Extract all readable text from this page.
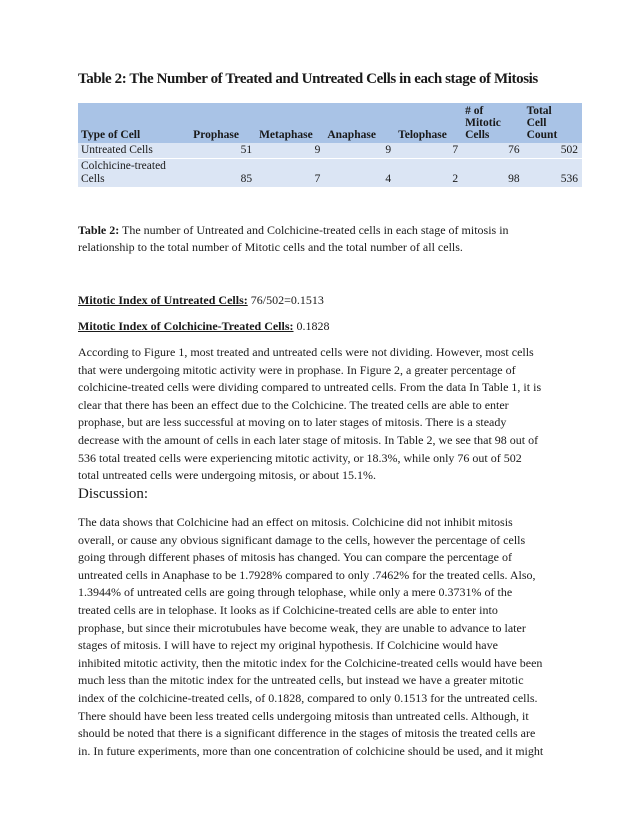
Table 2: The Number of Treated and Untreated Cells in each stage of Mitosis
Type of Cell	Prophase	Metaphase	Anaphase	Telophase	# of
Mitotic
Cells	Total
Cell
Count
Untreated Cells	51	9	9	7	76	502
Colchicine-treated
Cells	85	7	4	2	98	536

Table 2: The number of Untreated and Colchicine-treated cells in each stage of mitosis in
relationship to the total number of Mitotic cells and the total number of all cells.

Mitotic Index of Untreated Cells: 76/502=0.1513

Mitotic Index of Colchicine-Treated Cells: 0.1828

According to Figure 1, most treated and untreated cells were not dividing. However, most cells
that were undergoing mitotic activity were in prophase. In Figure 2, a greater percentage of
colchicine-treated cells were dividing compared to untreated cells. From the data In Table 1, it is
clear that there has been an effect due to the Colchicine. The treated cells are able to enter
prophase, but are less successful at moving on to later stages of mitosis. There is a steady
decrease with the amount of cells in each later stage of mitosis. In Table 2, we see that 98 out of
536 total treated cells were experiencing mitotic activity, or 18.3%, while only 76 out of 502
total untreated cells were undergoing mitosis, or about 15.1%.

Discussion:

The data shows that Colchicine had an effect on mitosis. Colchicine did not inhibit mitosis
overall, or cause any obvious significant damage to the cells, however the percentage of cells
going through different phases of mitosis has changed. You can compare the percentage of
untreated cells in Anaphase to be 1.7928% compared to only .7462% for the treated cells. Also,
1.3944% of untreated cells are going through telophase, while only a mere 0.3731% of the
treated cells are in telophase. It looks as if Colchicine-treated cells are able to enter into
prophase, but since their microtubules have become weak, they are unable to advance to later
stages of mitosis. I will have to reject my original hypothesis. If Colchicine would have
inhibited mitotic activity, then the mitotic index for the Colchicine-treated cells would have been
much less than the mitotic index for the untreated cells, but instead we have a greater mitotic
index of the colchicine-treated cells, of 0.1828, compared to only 0.1513 for the untreated cells.
There should have been less treated cells undergoing mitosis than untreated cells. Although, it
should be noted that there is a significant difference in the stages of mitosis the treated cells are
in. In future experiments, more than one concentration of colchicine should be used, and it might
